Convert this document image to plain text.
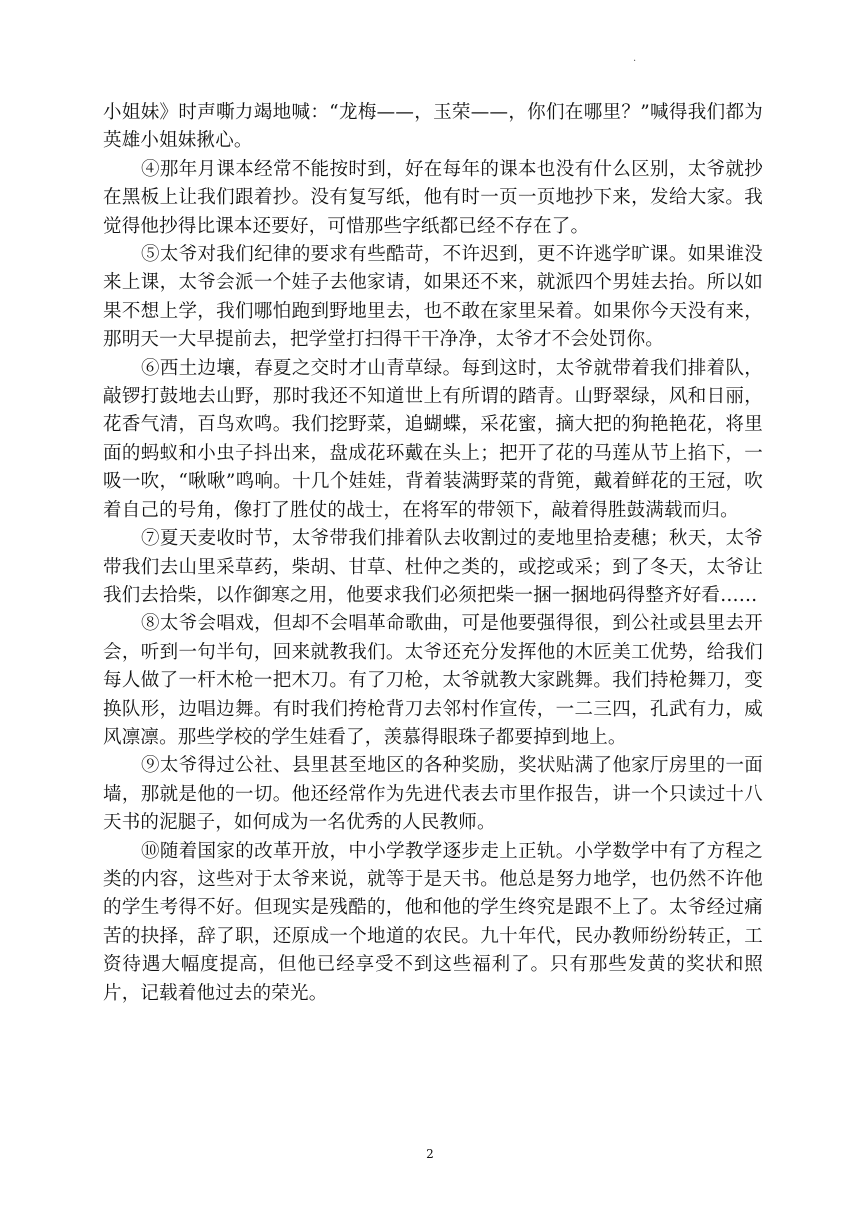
.

小姐妹》时声嘶力竭地喊：“龙梅——，玉荣——，你们在哪里？”喊得我们都为英雄小姐妹揪心。

④那年月课本经常不能按时到，好在每年的课本也没有什么区别，太爷就抄在黑板上让我们跟着抄。没有复写纸，他有时一页一页地抄下来，发给大家。我觉得他抄得比课本还要好，可惜那些字纸都已经不存在了。

⑤太爷对我们纪律的要求有些酷苛，不许迟到，更不许逃学旷课。如果谁没来上课，太爷会派一个娃子去他家请，如果还不来，就派四个男娃去抬。所以如果不想上学，我们哪怕跑到野地里去，也不敢在家里呆着。如果你今天没有来，那明天一大早提前去，把学堂打扫得干干净净，太爷才不会处罚你。

⑥西土边壤，春夏之交时才山青草绿。每到这时，太爷就带着我们排着队，敲锣打鼓地去山野，那时我还不知道世上有所谓的踏青。山野翠绿，风和日丽，花香气清，百鸟欢鸣。我们挖野菜，追蝴蝶，采花蜜，摘大把的狗艳艳花，将里面的蚂蚁和小虫子抖出来，盘成花环戴在头上；把开了花的马莲从节上掐下，一吸一吹，“啾啾”鸣响。十几个娃娃，背着装满野菜的背篼，戴着鲜花的王冠，吹着自己的号角，像打了胜仗的战士，在将军的带领下，敲着得胜鼓满载而归。

⑦夏天麦收时节，太爷带我们排着队去收割过的麦地里拾麦穗；秋天，太爷带我们去山里采草药，柴胡、甘草、杜仲之类的，或挖或采；到了冬天，太爷让我们去拾柴，以作御寒之用，他要求我们必须把柴一捆一捆地码得整齐好看……

⑧太爷会唱戏，但却不会唱革命歌曲，可是他要强得很，到公社或县里去开会，听到一句半句，回来就教我们。太爷还充分发挥他的木匠美工优势，给我们每人做了一杆木枪一把木刀。有了刀枪，太爷就教大家跳舞。我们持枪舞刀，变换队形，边唱边舞。有时我们挎枪背刀去邻村作宣传，一二三四，孔武有力，威风凛凛。那些学校的学生娃看了，羡慕得眼珠子都要掉到地上。

⑨太爷得过公社、县里甚至地区的各种奖励，奖状贴满了他家厅房里的一面墙，那就是他的一切。他还经常作为先进代表去市里作报告，讲一个只读过十八天书的泥腿子，如何成为一名优秀的人民教师。

⑩随着国家的改革开放，中小学教学逐步走上正轨。小学数学中有了方程之类的内容，这些对于太爷来说，就等于是天书。他总是努力地学，也仍然不许他的学生考得不好。但现实是残酷的，他和他的学生终究是跟不上了。太爷经过痛苦的抉择，辞了职，还原成一个地道的农民。九十年代，民办教师纷纷转正，工资待遇大幅度提高，但他已经享受不到这些福利了。只有那些发黄的奖状和照片，记载着他过去的荣光。

2
